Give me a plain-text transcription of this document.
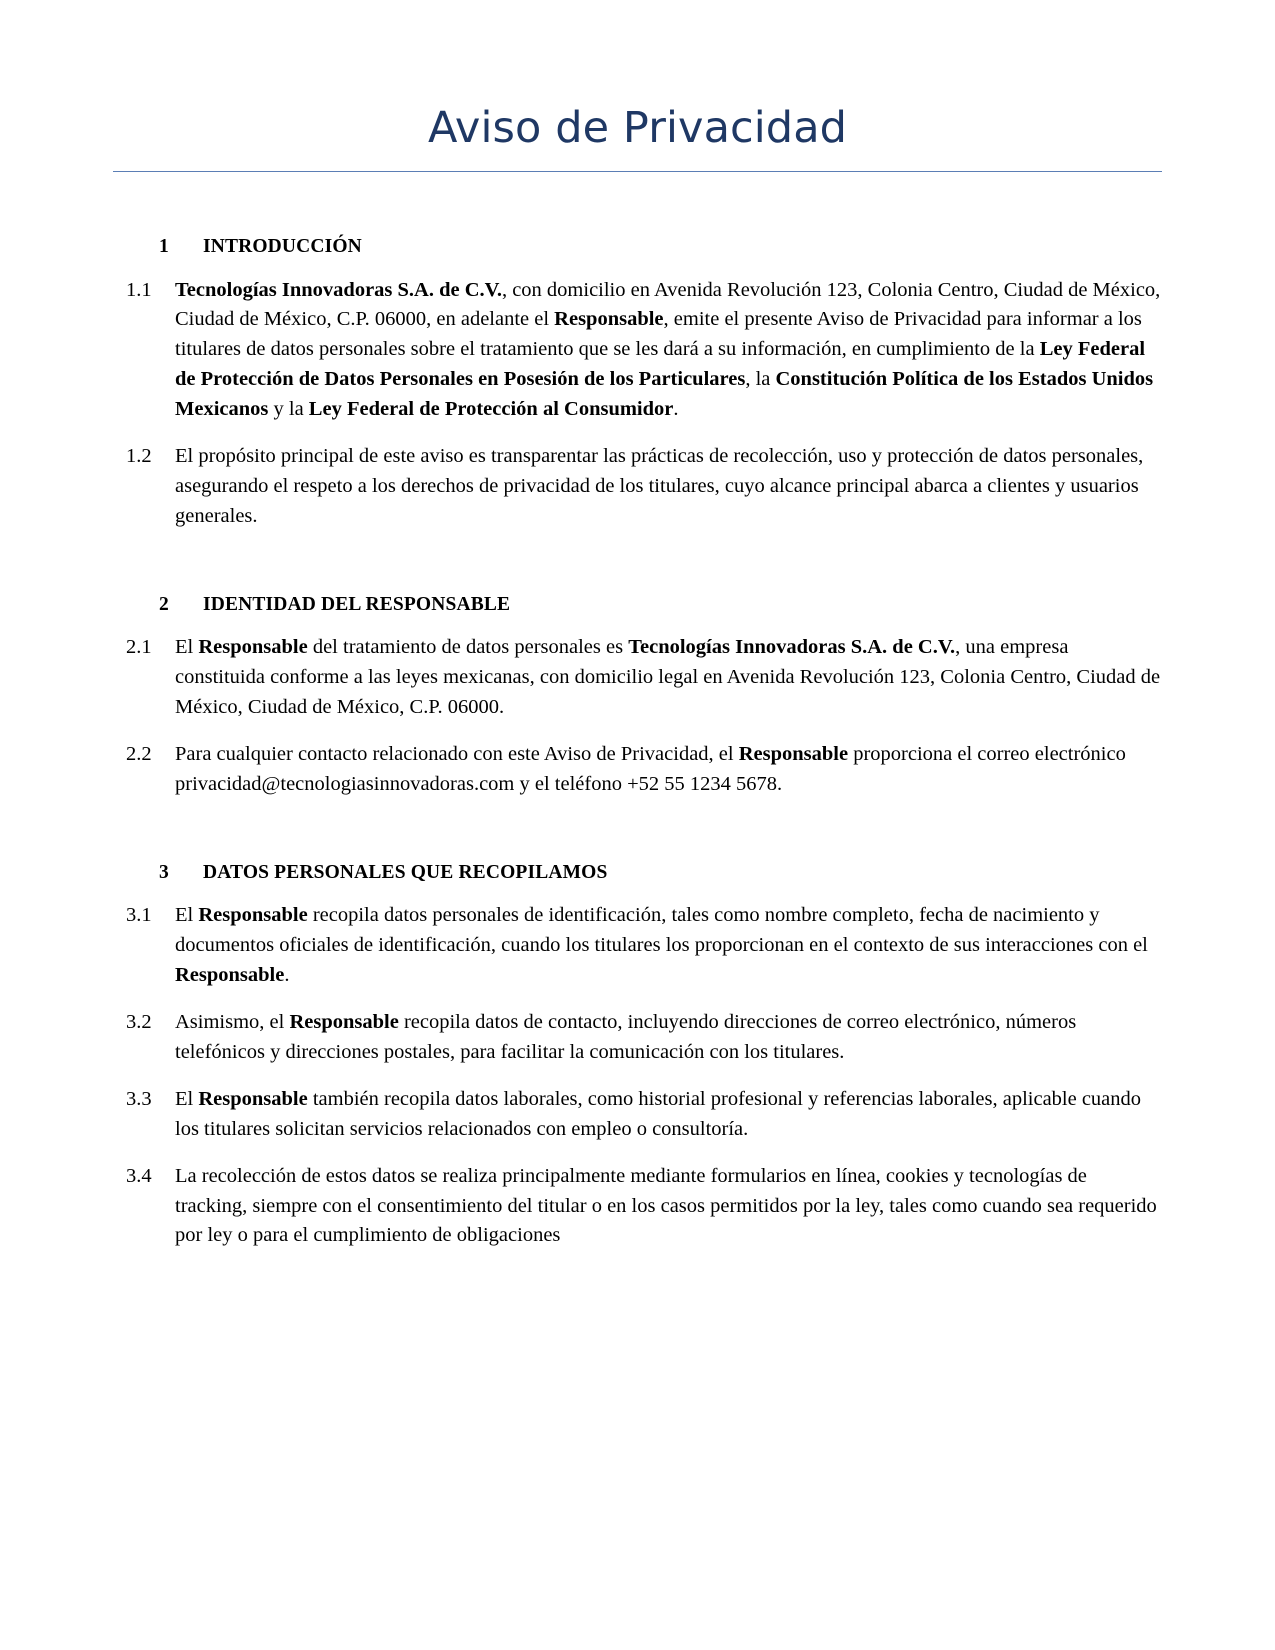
Aviso de Privacidad
1	INTRODUCCIÓN
1.1	Tecnologías Innovadoras S.A. de C.V., con domicilio en Avenida Revolución 123, Colonia Centro, Ciudad de México, Ciudad de México, C.P. 06000, en adelante el Responsable, emite el presente Aviso de Privacidad para informar a los titulares de datos personales sobre el tratamiento que se les dará a su información, en cumplimiento de la Ley Federal de Protección de Datos Personales en Posesión de los Particulares, la Constitución Política de los Estados Unidos Mexicanos y la Ley Federal de Protección al Consumidor.
1.2	El propósito principal de este aviso es transparentar las prácticas de recolección, uso y protección de datos personales, asegurando el respeto a los derechos de privacidad de los titulares, cuyo alcance principal abarca a clientes y usuarios generales.
2	IDENTIDAD DEL RESPONSABLE
2.1	El Responsable del tratamiento de datos personales es Tecnologías Innovadoras S.A. de C.V., una empresa constituida conforme a las leyes mexicanas, con domicilio legal en Avenida Revolución 123, Colonia Centro, Ciudad de México, Ciudad de México, C.P. 06000.
2.2	Para cualquier contacto relacionado con este Aviso de Privacidad, el Responsable proporciona el correo electrónico privacidad@tecnologiasinnovadoras.com y el teléfono +52 55 1234 5678.
3	DATOS PERSONALES QUE RECOPILAMOS
3.1	El Responsable recopila datos personales de identificación, tales como nombre completo, fecha de nacimiento y documentos oficiales de identificación, cuando los titulares los proporcionan en el contexto de sus interacciones con el Responsable.
3.2	Asimismo, el Responsable recopila datos de contacto, incluyendo direcciones de correo electrónico, números telefónicos y direcciones postales, para facilitar la comunicación con los titulares.
3.3	El Responsable también recopila datos laborales, como historial profesional y referencias laborales, aplicable cuando los titulares solicitan servicios relacionados con empleo o consultoría.
3.4	La recolección de estos datos se realiza principalmente mediante formularios en línea, cookies y tecnologías de tracking, siempre con el consentimiento del titular o en los casos permitidos por la ley, tales como cuando sea requerido por ley o para el cumplimiento de obligaciones
